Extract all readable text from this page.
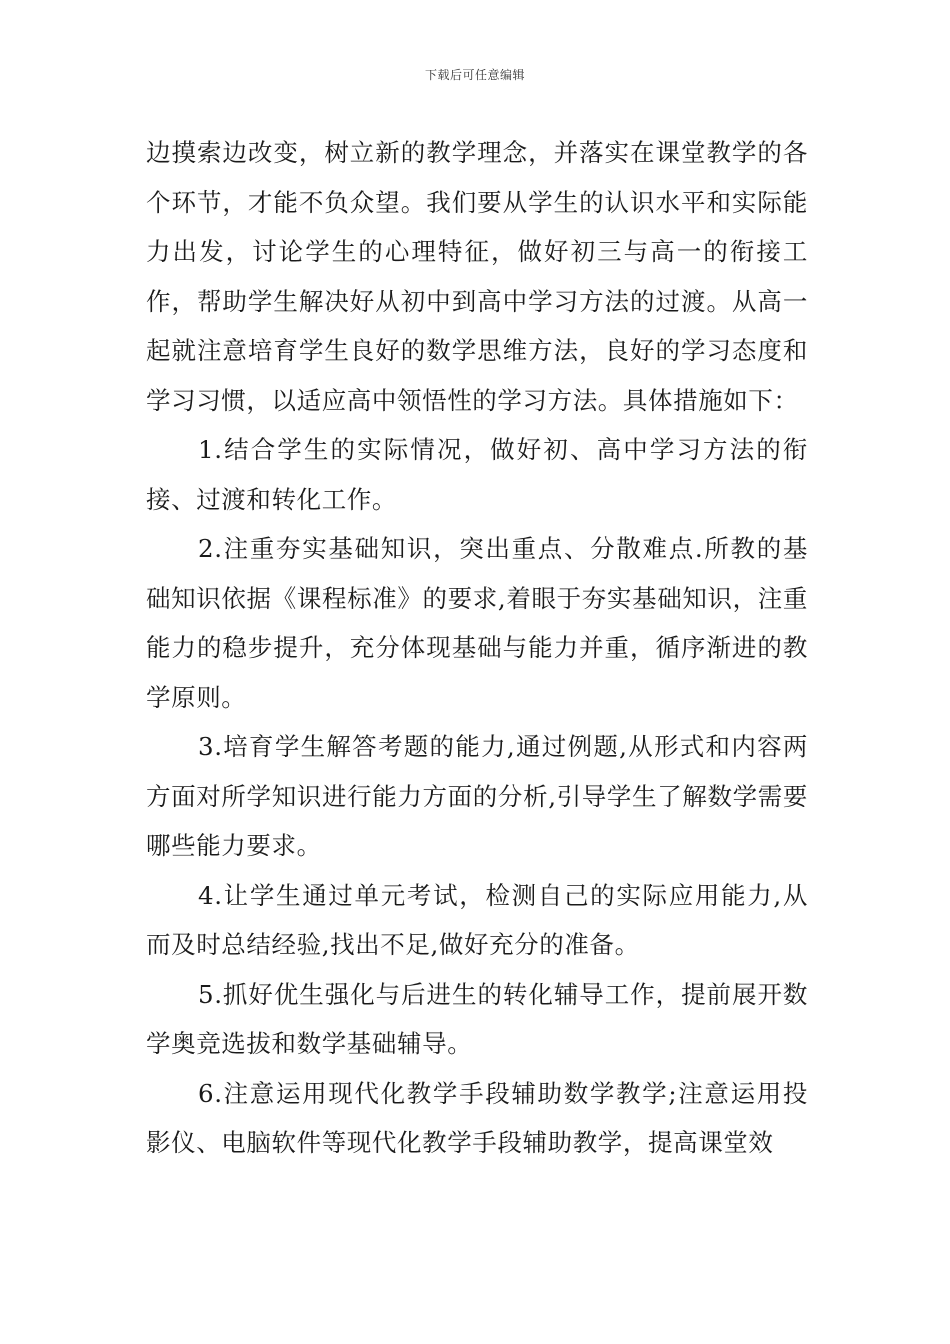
下载后可任意编辑

边摸索边改变，树立新的教学理念，并落实在课堂教学的各个环节，才能不负众望。我们要从学生的认识水平和实际能力出发，讨论学生的心理特征，做好初三与高一的衔接工作，帮助学生解决好从初中到高中学习方法的过渡。从高一起就注意培育学生良好的数学思维方法，良好的学习态度和学习习惯，以适应高中领悟性的学习方法。具体措施如下：

1.结合学生的实际情况，做好初、高中学习方法的衔接、过渡和转化工作。

2.注重夯实基础知识，突出重点、分散难点.所教的基础知识依据《课程标准》的要求,着眼于夯实基础知识，注重能力的稳步提升，充分体现基础与能力并重，循序渐进的教学原则。

3.培育学生解答考题的能力,通过例题,从形式和内容两方面对所学知识进行能力方面的分析,引导学生了解数学需要哪些能力要求。

4.让学生通过单元考试，检测自己的实际应用能力,从而及时总结经验,找出不足,做好充分的准备。

5.抓好优生强化与后进生的转化辅导工作，提前展开数学奥竞选拔和数学基础辅导。

6.注意运用现代化教学手段辅助数学教学;注意运用投影仪、电脑软件等现代化教学手段辅助教学，提高课堂效
